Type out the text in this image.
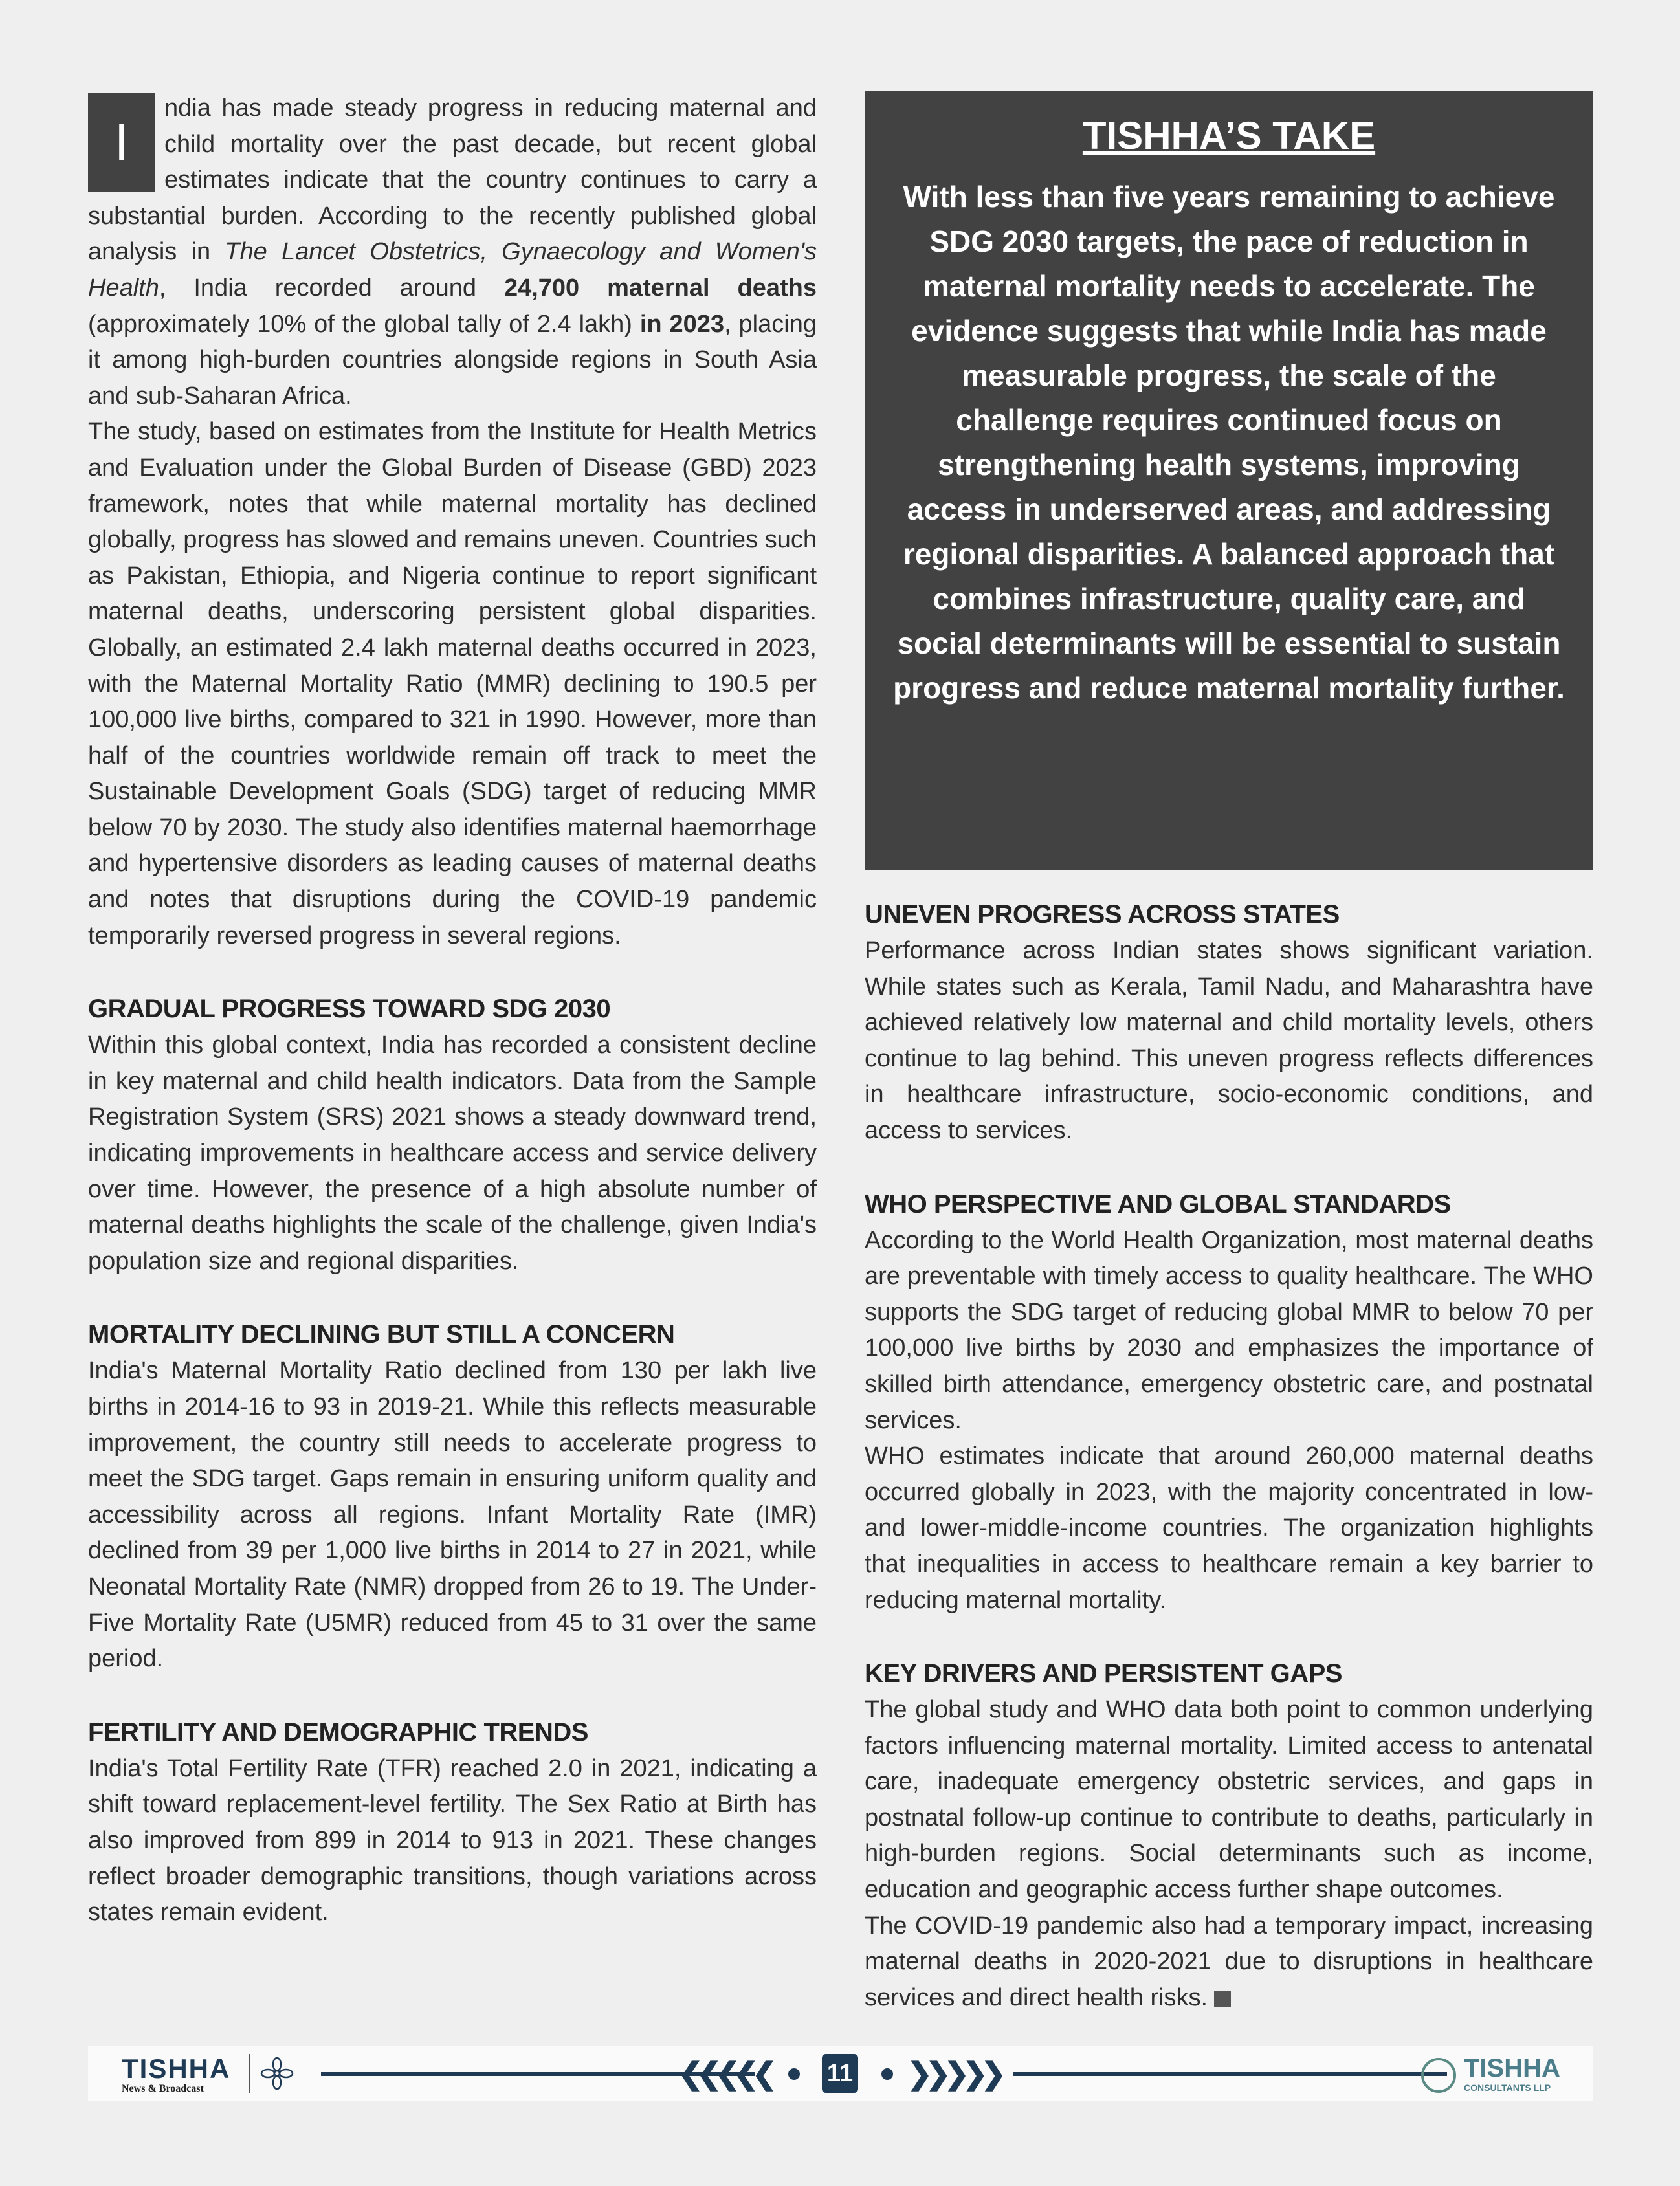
I
ndia has made steady progress in reducing maternal and child mortality over the past decade, but recent global estimates indicate that the country continues to carry a substantial burden. According to the recently published global analysis in The Lancet Obstetrics, Gynaecology and Women's Health, India recorded around 24,700 maternal deaths (approximately 10% of the global tally of 2.4 lakh) in 2023, placing it among high-burden countries alongside regions in South Asia and sub-Saharan Africa.

The study, based on estimates from the Institute for Health Metrics and Evaluation under the Global Burden of Disease (GBD) 2023 framework, notes that while maternal mortality has declined globally, progress has slowed and remains uneven. Countries such as Pakistan, Ethiopia, and Nigeria continue to report significant maternal deaths, underscoring persistent global disparities. Globally, an estimated 2.4 lakh maternal deaths occurred in 2023, with the Maternal Mortality Ratio (MMR) declining to 190.5 per 100,000 live births, compared to 321 in 1990. However, more than half of the countries worldwide remain off track to meet the Sustainable Development Goals (SDG) target of reducing MMR below 70 by 2030. The study also identifies maternal haemorrhage and hypertensive disorders as leading causes of maternal deaths and notes that disruptions during the COVID-19 pandemic temporarily reversed progress in several regions.

GRADUAL PROGRESS TOWARD SDG 2030

Within this global context, India has recorded a consistent decline in key maternal and child health indicators. Data from the Sample Registration System (SRS) 2021 shows a steady downward trend, indicating improvements in healthcare access and service delivery over time. However, the presence of a high absolute number of maternal deaths highlights the scale of the challenge, given India's population size and regional disparities.

MORTALITY DECLINING BUT STILL A CONCERN

India's Maternal Mortality Ratio declined from 130 per lakh live births in 2014-16 to 93 in 2019-21. While this reflects measurable improvement, the country still needs to accelerate progress to meet the SDG target. Gaps remain in ensuring uniform quality and accessibility across all regions. Infant Mortality Rate (IMR) declined from 39 per 1,000 live births in 2014 to 27 in 2021, while Neonatal Mortality Rate (NMR) dropped from 26 to 19. The Under-Five Mortality Rate (U5MR) reduced from 45 to 31 over the same period.

FERTILITY AND DEMOGRAPHIC TRENDS

India's Total Fertility Rate (TFR) reached 2.0 in 2021, indicating a shift toward replacement-level fertility. The Sex Ratio at Birth has also improved from 899 in 2014 to 913 in 2021. These changes reflect broader demographic transitions, though variations across states remain evident.

TISHHA’S TAKE

With less than five years remaining to achieve SDG 2030 targets, the pace of reduction in maternal mortality needs to accelerate. The evidence suggests that while India has made measurable progress, the scale of the challenge requires continued focus on strengthening health systems, improving access in underserved areas, and addressing regional disparities. A balanced approach that combines infrastructure, quality care, and social determinants will be essential to sustain progress and reduce maternal mortality further.

UNEVEN PROGRESS ACROSS STATES

Performance across Indian states shows significant variation. While states such as Kerala, Tamil Nadu, and Maharashtra have achieved relatively low maternal and child mortality levels, others continue to lag behind. This uneven progress reflects differences in healthcare infrastructure, socio-economic conditions, and access to services.

WHO PERSPECTIVE AND GLOBAL STANDARDS

According to the World Health Organization, most maternal deaths are preventable with timely access to quality healthcare. The WHO supports the SDG target of reducing global MMR to below 70 per 100,000 live births by 2030 and emphasizes the importance of skilled birth attendance, emergency obstetric care, and postnatal services.

WHO estimates indicate that around 260,000 maternal deaths occurred globally in 2023, with the majority concentrated in low- and lower-middle-income countries. The organization highlights that inequalities in access to healthcare remain a key barrier to reducing maternal mortality.

KEY DRIVERS AND PERSISTENT GAPS

The global study and WHO data both point to common underlying factors influencing maternal mortality. Limited access to antenatal care, inadequate emergency obstetric services, and gaps in postnatal follow-up continue to contribute to deaths, particularly in high-burden regions. Social determinants such as income, education and geographic access further shape outcomes.

The COVID-19 pandemic also had a temporary impact, increasing maternal deaths in 2020-2021 due to disruptions in healthcare services and direct health risks.

TISHHA
News & Broadcast	❮❮❮❮❮ 11 ❯❯❯❯❯	TISHHA
CONSULTANTS LLP
